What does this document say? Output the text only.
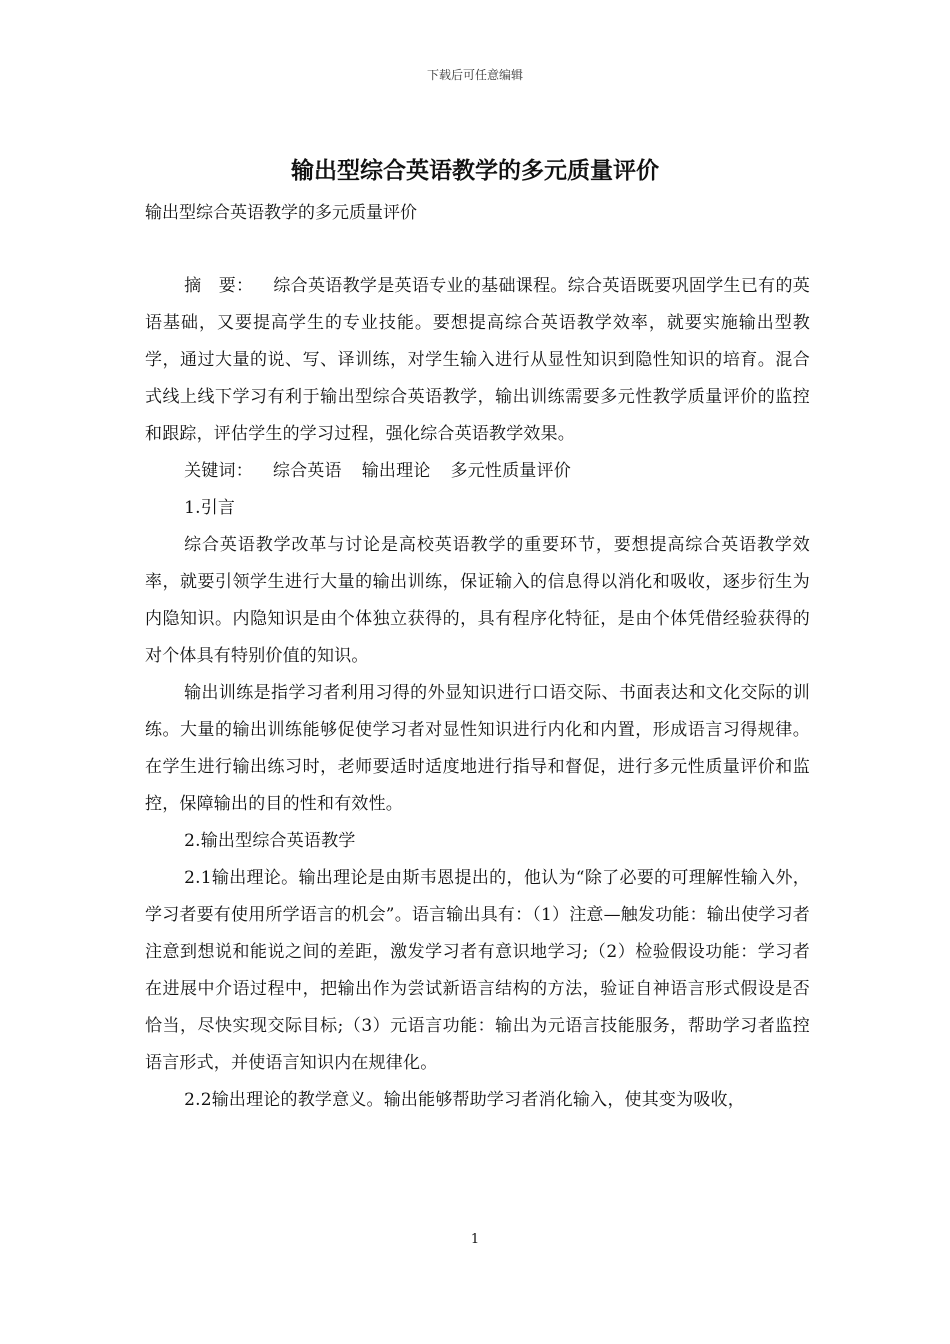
下载后可任意编辑
输出型综合英语教学的多元质量评价
输出型综合英语教学的多元质量评价

摘　要： 综合英语教学是英语专业的基础课程。综合英语既要巩固学生已有的英语基础，又要提高学生的专业技能。要想提高综合英语教学效率，就要实施输出型教学，通过大量的说、写、译训练，对学生输入进行从显性知识到隐性知识的培育。混合式线上线下学习有利于输出型综合英语教学，输出训练需要多元性教学质量评价的监控和跟踪，评估学生的学习过程，强化综合英语教学效果。

关键词： 综合英语 输出理论 多元性质量评价

1.引言

综合英语教学改革与讨论是高校英语教学的重要环节，要想提高综合英语教学效率，就要引领学生进行大量的输出训练，保证输入的信息得以消化和吸收，逐步衍生为内隐知识。内隐知识是由个体独立获得的，具有程序化特征，是由个体凭借经验获得的对个体具有特别价值的知识。

输出训练是指学习者利用习得的外显知识进行口语交际、书面表达和文化交际的训练。大量的输出训练能够促使学习者对显性知识进行内化和内置，形成语言习得规律。在学生进行输出练习时，老师要适时适度地进行指导和督促，进行多元性质量评价和监控，保障输出的目的性和有效性。

2.输出型综合英语教学

2.1输出理论。输出理论是由斯韦恩提出的，他认为“除了必要的可理解性输入外，学习者要有使用所学语言的机会”。语言输出具有：（1）注意—触发功能：输出使学习者注意到想说和能说之间的差距，激发学习者有意识地学习;（2）检验假设功能：学习者在进展中介语过程中，把输出作为尝试新语言结构的方法，验证自神语言形式假设是否恰当，尽快实现交际目标;（3）元语言功能：输出为元语言技能服务，帮助学习者监控语言形式，并使语言知识内在规律化。

2.2输出理论的教学意义。输出能够帮助学习者消化输入，使其变为吸收，

1
